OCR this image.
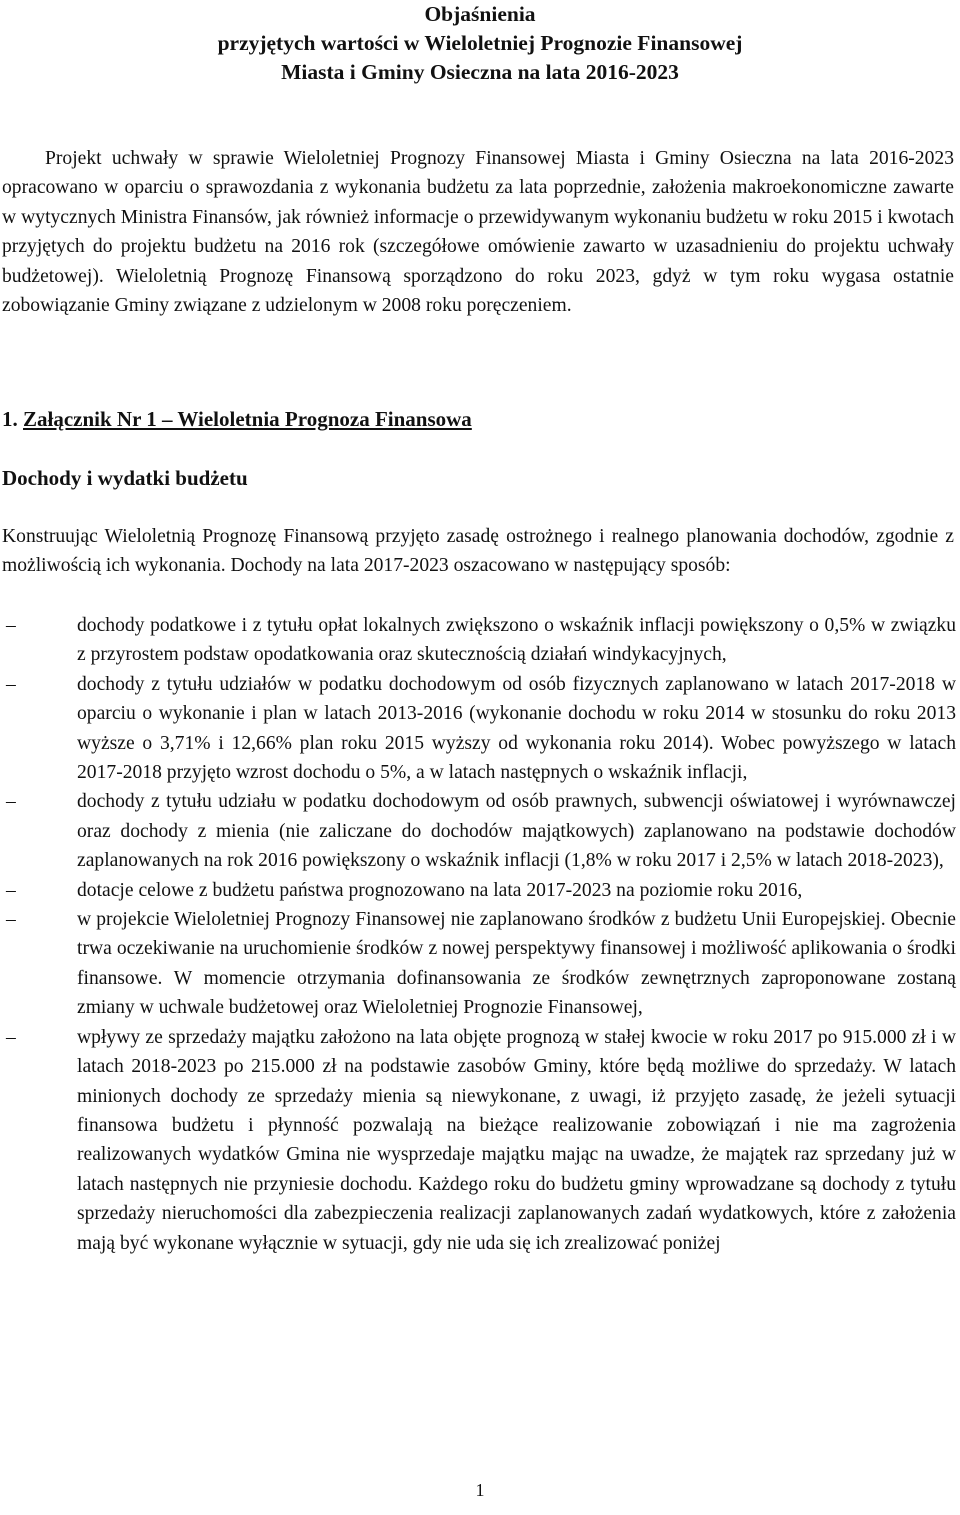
Objaśnienia
przyjętych wartości w Wieloletniej Prognozie Finansowej
Miasta i Gminy Osieczna na lata 2016-2023

Projekt uchwały w sprawie Wieloletniej Prognozy Finansowej Miasta i Gminy Osieczna na lata 2016-2023 opracowano w oparciu o sprawozdania z wykonania budżetu za lata poprzednie, założenia makroekonomiczne zawarte w wytycznych Ministra Finansów, jak również informacje o przewidywanym wykonaniu budżetu w roku 2015 i kwotach przyjętych do projektu budżetu na 2016 rok (szczegółowe omówienie zawarto w uzasadnieniu do projektu uchwały budżetowej). Wieloletnią Prognozę Finansową sporządzono do roku 2023, gdyż w tym roku wygasa ostatnie zobowiązanie Gminy związane z udzielonym w 2008 roku poręczeniem.

1. Załącznik Nr 1 – Wieloletnia Prognoza Finansowa
Dochody i wydatki budżetu

Konstruując Wieloletnią Prognozę Finansową przyjęto zasadę ostrożnego i realnego planowania dochodów, zgodnie z możliwością ich wykonania. Dochody na lata 2017-2023 oszacowano w następujący sposób:

–	dochody podatkowe i z tytułu opłat lokalnych zwiększono o wskaźnik inflacji powiększony o 0,5% w związku z przyrostem podstaw opodatkowania oraz skutecznością działań windykacyjnych,
–	dochody z tytułu udziałów w podatku dochodowym od osób fizycznych zaplanowano w latach 2017-2018 w oparciu o wykonanie i plan w latach 2013-2016 (wykonanie dochodu w roku 2014 w stosunku do roku 2013 wyższe o 3,71% i 12,66% plan roku 2015 wyższy od wykonania roku 2014). Wobec powyższego w latach 2017-2018 przyjęto wzrost dochodu o 5%, a w latach następnych o wskaźnik inflacji,
–	dochody z tytułu udziału w podatku dochodowym od osób prawnych, subwencji oświatowej i wyrównawczej oraz dochody z mienia (nie zaliczane do dochodów majątkowych) zaplanowano na podstawie dochodów zaplanowanych na rok 2016 powiększony o wskaźnik inflacji (1,8% w roku 2017 i 2,5% w latach 2018-2023),
–	dotacje celowe z budżetu państwa prognozowano na lata 2017-2023 na poziomie roku 2016,
–	w projekcie Wieloletniej Prognozy Finansowej nie zaplanowano środków z budżetu Unii Europejskiej. Obecnie trwa oczekiwanie na uruchomienie środków z nowej perspektywy finansowej i możliwość aplikowania o środki finansowe. W momencie otrzymania dofinansowania ze środków zewnętrznych zaproponowane zostaną zmiany w uchwale budżetowej oraz Wieloletniej Prognozie Finansowej,
–	wpływy ze sprzedaży majątku założono na lata objęte prognozą w stałej kwocie w roku 2017 po 915.000 zł i w latach 2018-2023 po 215.000 zł na podstawie zasobów Gminy, które będą możliwe do sprzedaży. W latach minionych dochody ze sprzedaży mienia są niewykonane, z uwagi, iż przyjęto zasadę, że jeżeli sytuacji finansowa budżetu i płynność pozwalają na bieżące realizowanie zobowiązań i nie ma zagrożenia realizowanych wydatków Gmina nie wysprzedaje majątku mając na uwadze, że majątek raz sprzedany już w latach następnych nie przyniesie dochodu. Każdego roku do budżetu gminy wprowadzane są dochody z tytułu sprzedaży nieruchomości dla zabezpieczenia realizacji zaplanowanych zadań wydatkowych, które z założenia mają być wykonane wyłącznie w sytuacji, gdy nie uda się ich zrealizować poniżej
1
